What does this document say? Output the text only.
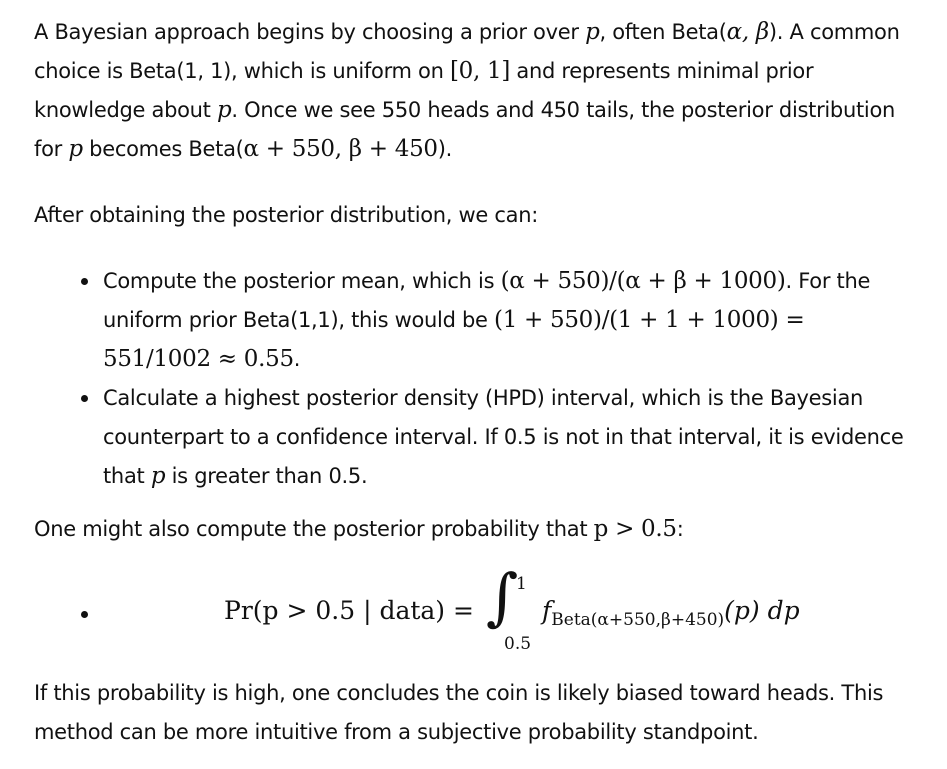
A Bayesian approach begins by choosing a prior over p, often Beta(α, β). A common choice is Beta(1, 1), which is uniform on [0, 1] and represents minimal prior knowledge about p. Once we see 550 heads and 450 tails, the posterior distribution for p becomes Beta(α + 550, β + 450).

After obtaining the posterior distribution, we can:

Compute the posterior mean, which is (α + 550)/(α + β + 1000). For the uniform prior Beta(1,1), this would be (1 + 550)/(1 + 1 + 1000) = 551/1002 ≈ 0.55.
Calculate a highest posterior density (HPD) interval, which is the Bayesian counterpart to a confidence interval. If 0.5 is not in that interval, it is evidence that p is greater than 0.5.

One might also compute the posterior probability that p > 0.5:

Pr(p > 0.5 | data) = ∫
1
0.5
$f_{Beta(\alpha+550,\beta+450)}(p)$ dp

If this probability is high, one concludes the coin is likely biased toward heads. This method can be more intuitive from a subjective probability standpoint.
